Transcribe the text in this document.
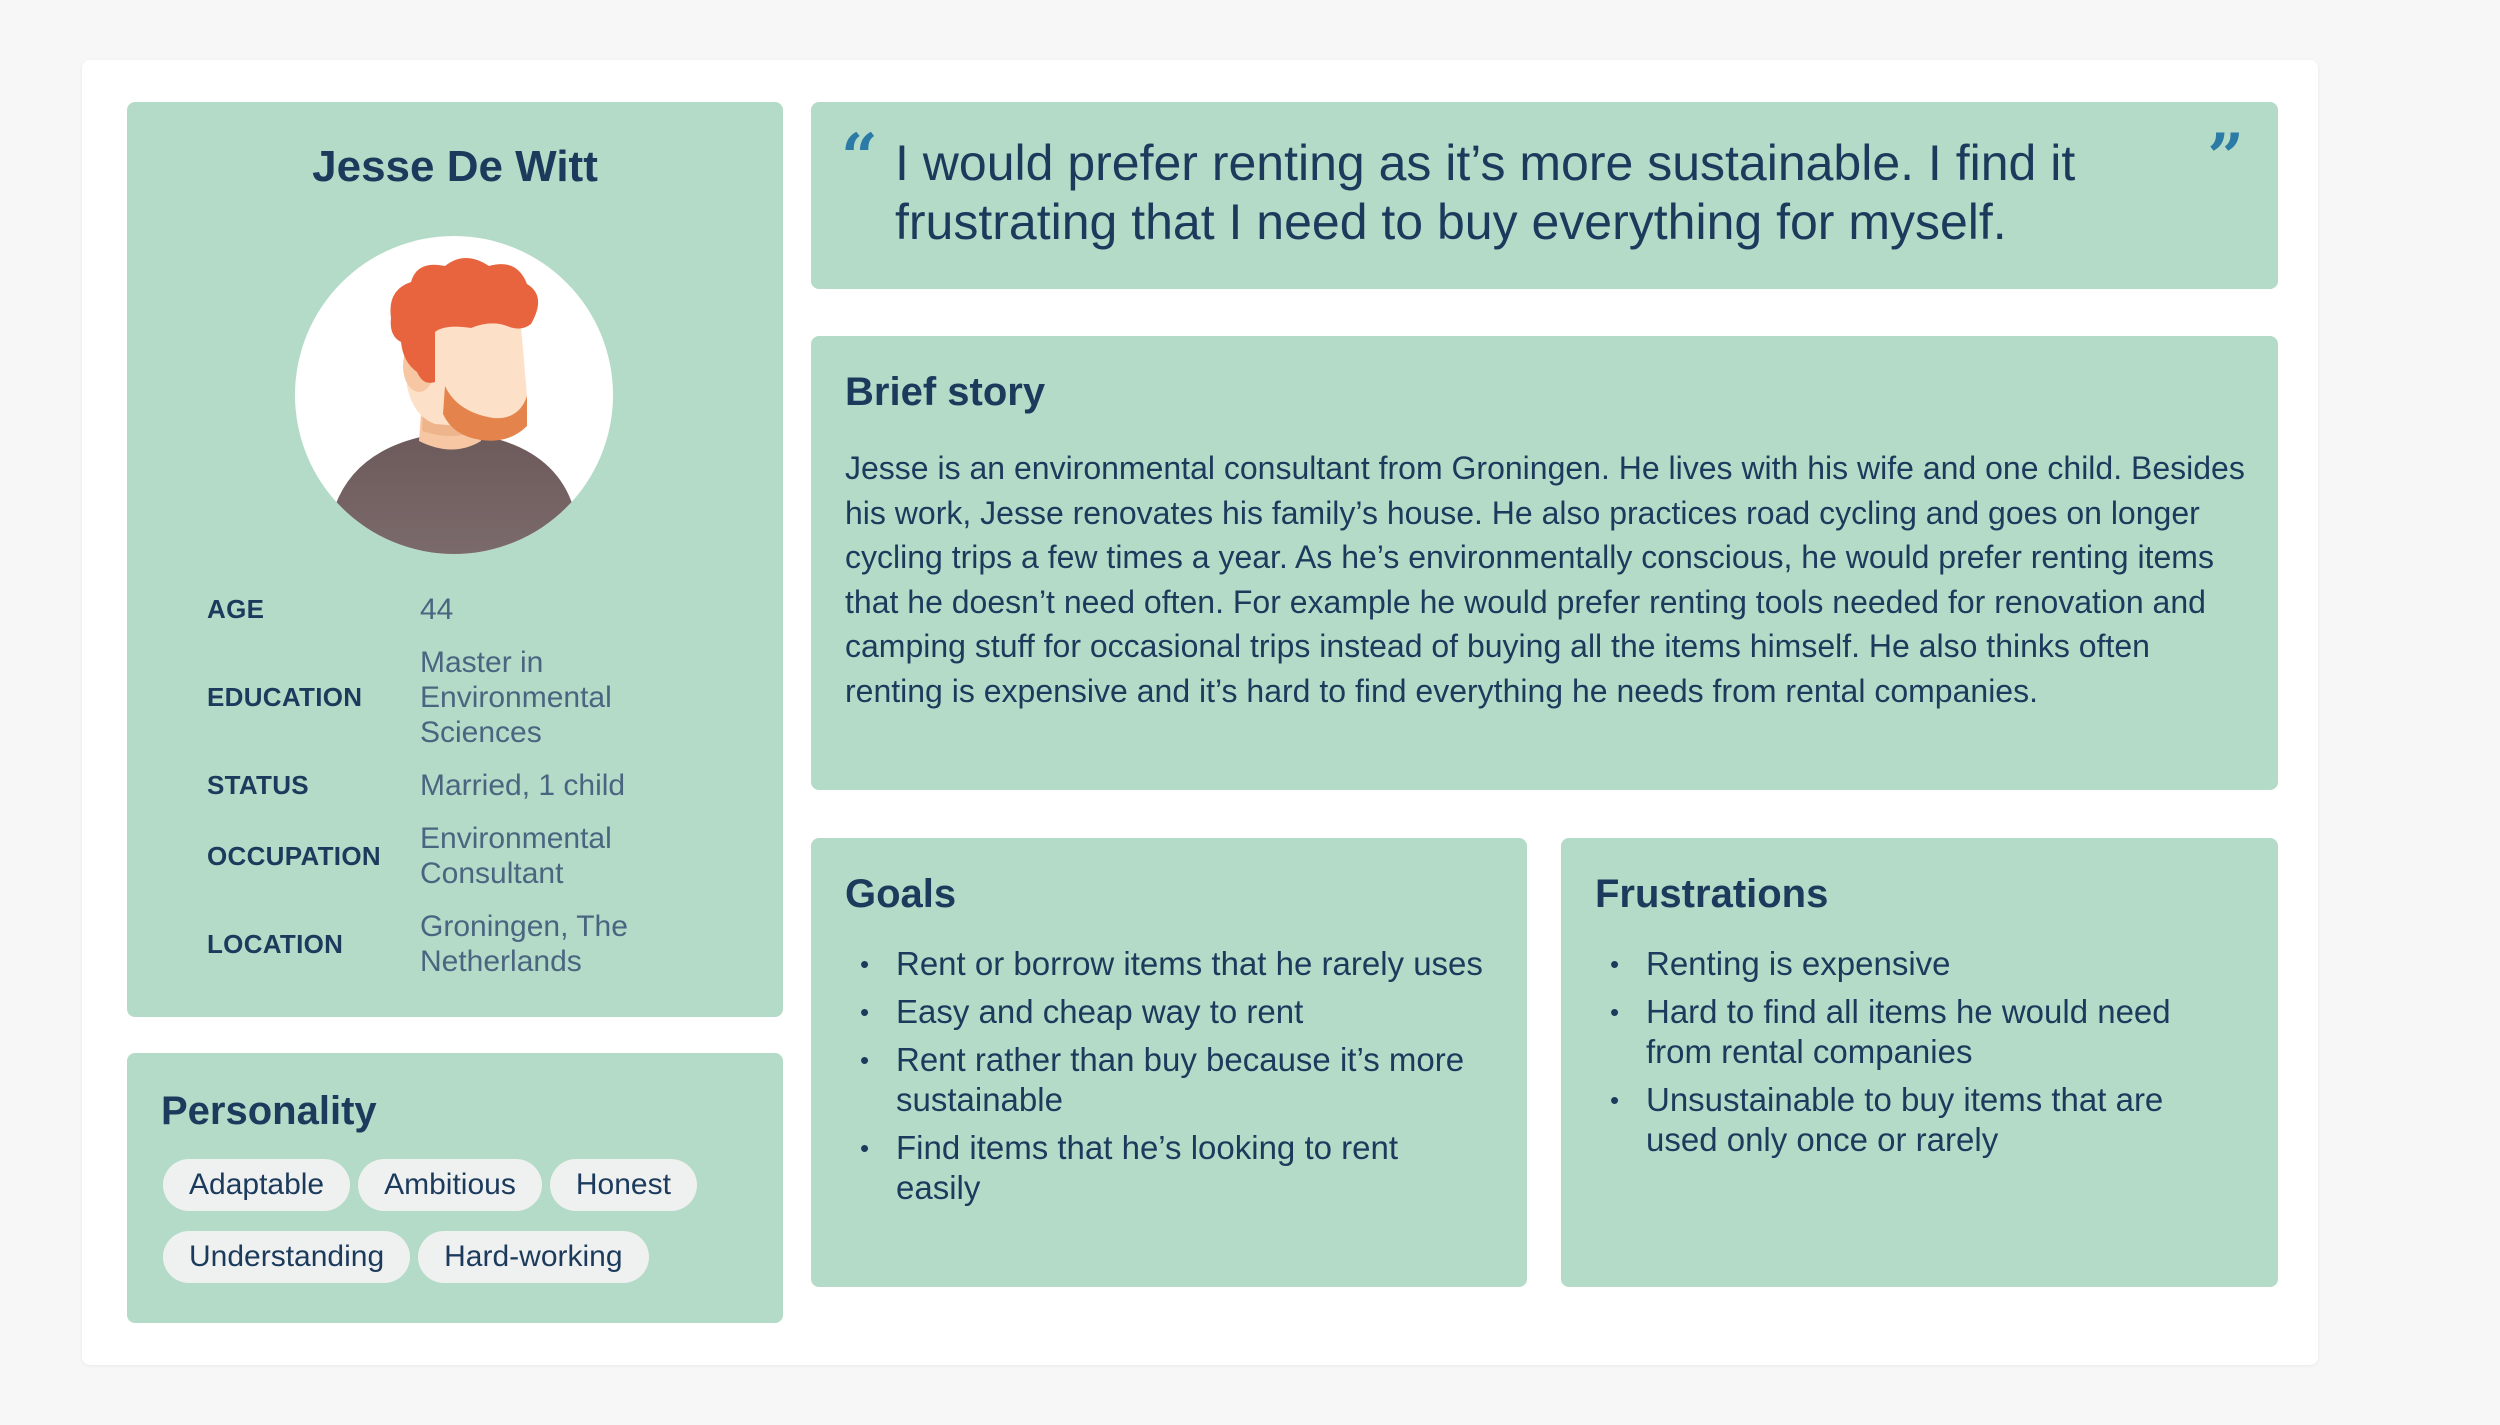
Jesse De Witt
AGE	44
EDUCATION
Master in Environmental Sciences
STATUS	Married, 1 child
OCCUPATION
Environmental Consultant
LOCATION
Groningen, The Netherlands
Personality
Adaptable Ambitious Honest
Understanding Hard-working
“ I would prefer renting as it’s more sustainable. I find it frustrating that I need to buy everything for myself.
”
Brief story
Jesse is an environmental consultant from Groningen. He lives with his wife and one child. Besides his work, Jesse renovates his family’s house. He also practices road cycling and goes on longer cycling trips a few times a year. As he’s environmentally conscious, he would prefer renting items that he doesn’t need often. For example he would prefer renting tools needed for renovation and camping stuff for occasional trips instead of buying all the items himself. He also thinks often renting is expensive and it’s hard to find everything he needs from rental companies.
Goals
• Rent or borrow items that he rarely uses
• Easy and cheap way to rent
• Rent rather than buy because it’s more sustainable
• Find items that he’s looking to rent easily
Frustrations
• Renting is expensive
• Hard to find all items he would need from rental companies
• Unsustainable to buy items that are used only once or rarely
